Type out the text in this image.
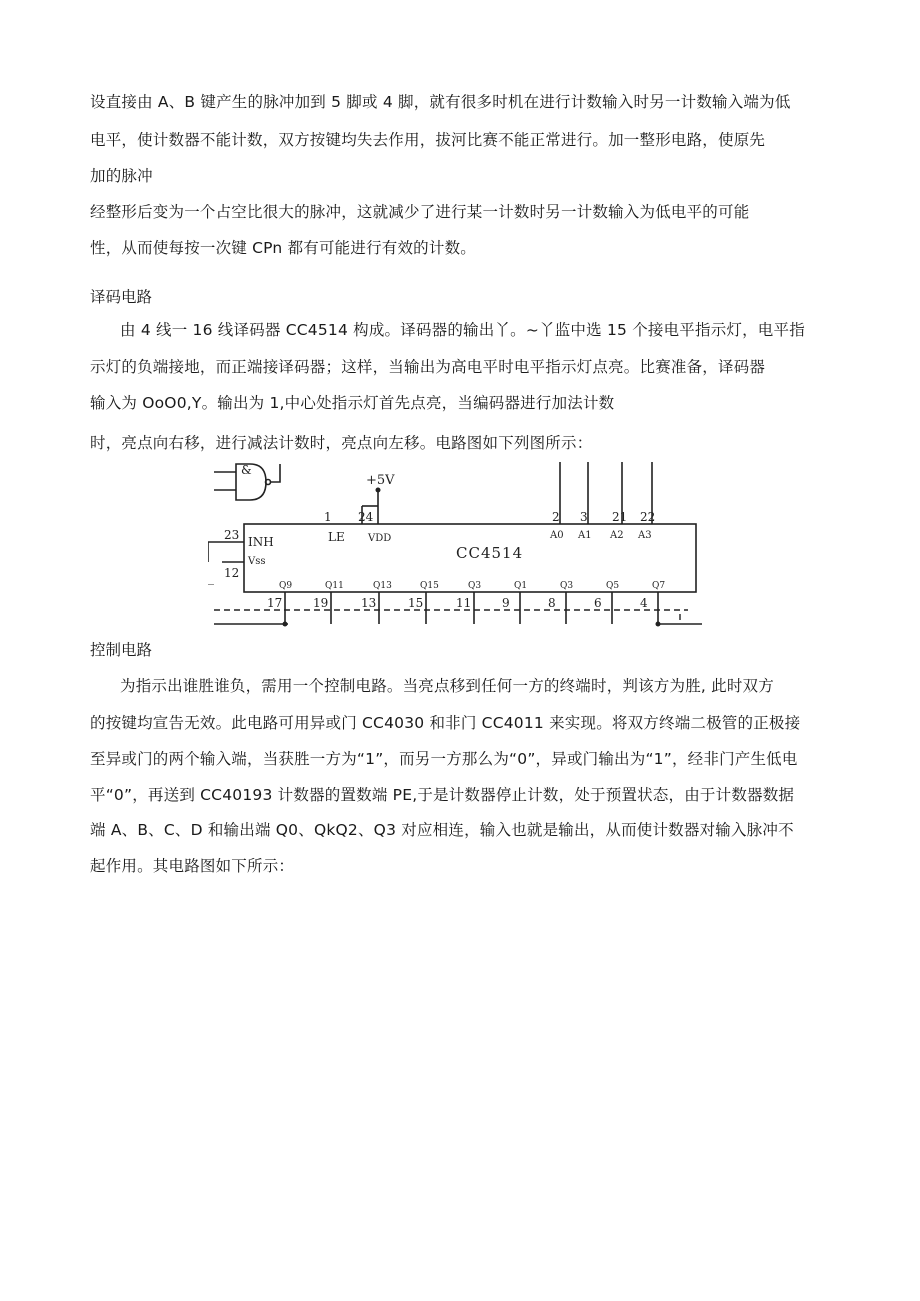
设直接由 A、B 键产生的脉冲加到 5 脚或 4 脚，就有很多时机在进行计数输入时另一计数输入端为低
电平，使计数器不能计数，双方按键均失去作用，拔河比赛不能正常进行。加一整形电路，使原先
加的脉冲
经整形后变为一个占空比很大的脉冲，这就减少了进行某一计数时另一计数输入为低电平的可能
性，从而使每按一次键 CPn 都有可能进行有效的计数。
译码电路
由 4 线一 16 线译码器 CC4514 构成。译码器的输出丫。~丫监中选 15 个接电平指示灯，电平指
示灯的负端接地，而正端接译码器；这样，当输出为高电平时电平指示灯点亮。比赛准备，译码器
输入为 OoO0,Y。输出为 1,中心处指示灯首先点亮，当编码器进行加法计数
时，亮点向右移，进行减法计数时，亮点向左移。电路图如下列图所示：
&
+5V
1 24
LE VDD
CC4514
23 INH
Vss
12
_
2
A0
3
A1
21
A2
22
A3
Q9
17
Q11
19
Q13
13
Q15
15
Q3
11
Q1
9
Q3
8
Q5
6
Q7
4
控制电路
为指示出谁胜谁负，需用一个控制电路。当亮点移到任何一方的终端时，判该方为胜, 此时双方
的按键均宣告无效。此电路可用异或门 CC4030 和非门 CC4011 来实现。将双方终端二极管的正极接
至异或门的两个输入端，当获胜一方为“1”，而另一方那么为“0”，异或门输出为“1”，经非门产生低电
平“0”，再送到 CC40193 计数器的置数端 PE,于是计数器停止计数，处于预置状态，由于计数器数据
端 A、B、C、D 和输出端 Q0、QkQ2、Q3 对应相连，输入也就是输出，从而使计数器对输入脉冲不
起作用。其电路图如下所示：
